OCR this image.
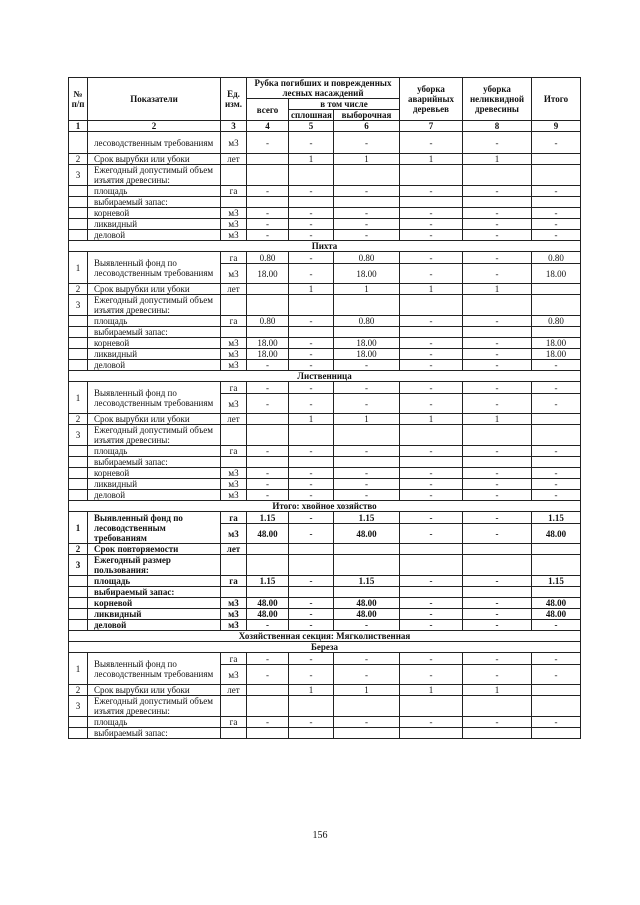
№ п/п	Показатели	Ед. изм.	Рубка погибших и поврежденных лесных насаждений			уборка аварийных деревьев	уборка неликвидной древесины	Итого
			всего	в том числе				
				сплошная	выборочная			
1	2	3	4	5	6	7	8	9
	лесоводственным требованиям	м3	-	-	-	-	-	-
2	Срок вырубки или убоки	лет		1	1	1	1	
3	Ежегодный допустимый объем изъятия древесины:							
	площадь	га	-	-	-	-	-	-
	выбираемый запас:							
	корневой	м3	-	-	-	-	-	-
	ликвидный	м3	-	-	-	-	-	-
	деловой	м3	-	-	-	-	-	-
Пихта								
1	Выявленный фонд по лесоводственным требованиям	га	0.80	-	0.80	-	-	0.80
		м3	18.00	-	18.00	-	-	18.00
2	Срок вырубки или убоки	лет		1	1	1	1	
3	Ежегодный допустимый объем изъятия древесины:							
	площадь	га	0.80	-	0.80	-	-	0.80
	выбираемый запас:							
	корневой	м3	18.00	-	18.00	-	-	18.00
	ликвидный	м3	18.00	-	18.00	-	-	18.00
	деловой	м3	-	-	-	-	-	-
Лиственница								
1	Выявленный фонд по лесоводственным требованиям	га	-	-	-	-	-	-
		м3	-	-	-	-	-	-
2	Срок вырубки или убоки	лет		1	1	1	1	
3	Ежегодный допустимый объем изъятия древесины:							
	площадь	га	-	-	-	-	-	-
	выбираемый запас:							
	корневой	м3	-	-	-	-	-	-
	ликвидный	м3	-	-	-	-	-	-
	деловой	м3	-	-	-	-	-	-
Итого: хвойное хозяйство								
1	Выявленный фонд по лесоводственным требованиям	га	1.15	-	1.15	-	-	1.15
		м3	48.00	-	48.00	-	-	48.00
2	Срок повторяемости	лет						
3	Ежегодный размер пользования:							
	площадь	га	1.15	-	1.15	-	-	1.15
	выбираемый запас:							
	корневой	м3	48.00	-	48.00	-	-	48.00
	ликвидный	м3	48.00	-	48.00	-	-	48.00
	деловой	м3	-	-	-	-	-	-
Хозяйственная секция: Мягколиственная								
Береза								
1	Выявленный фонд по лесоводственным требованиям	га	-	-	-	-	-	-
		м3	-	-	-	-	-	-
2	Срок вырубки или убоки	лет		1	1	1	1	
3	Ежегодный допустимый объем изъятия древесины:							
	площадь	га	-	-	-	-	-	-
	выбираемый запас:							
156
